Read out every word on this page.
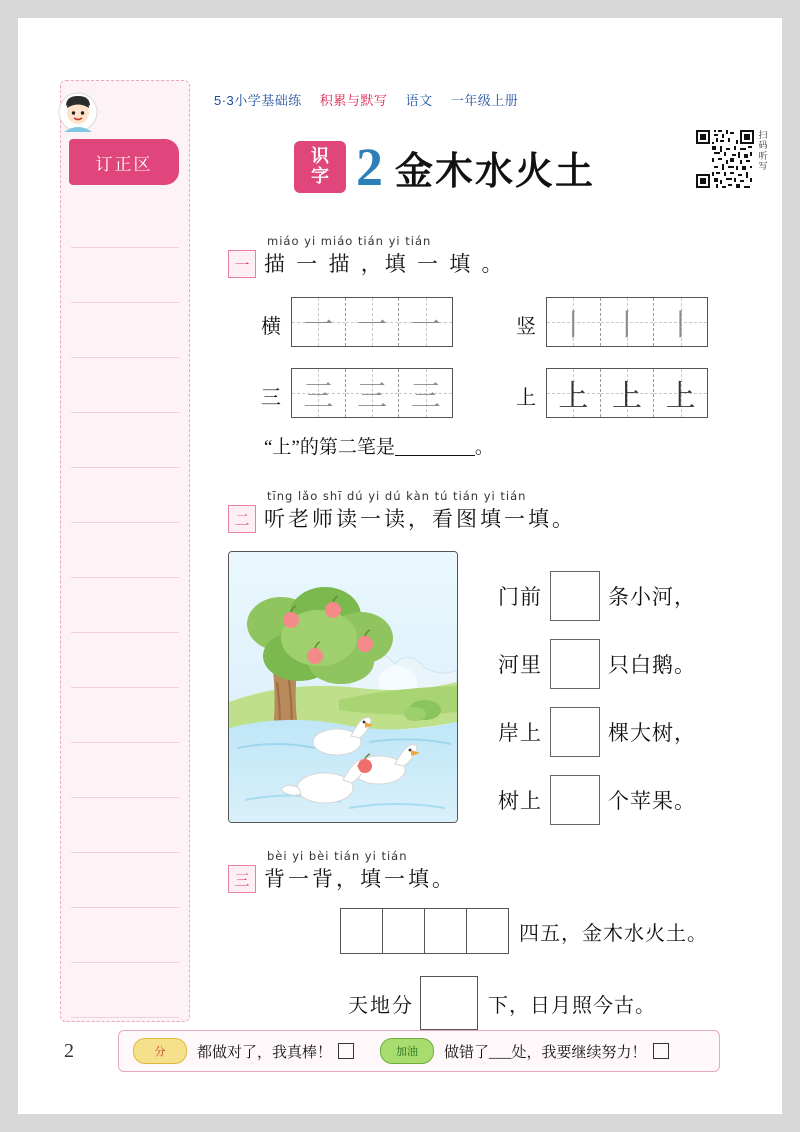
订正区
5·3小学基础练 积累与默写 语文 一年级上册
识
字 2 金木水火土
扫码听写
一
miáo yi miáo tián yi tián
描 一 描 ，填 一 填 。
横 一 一 一	竖 丨 丨 丨
三 三 三 三	上 上 上 上
“上”的第二笔是	。
二
tīng lǎo shī dú yi dú kàn tú tián yi tián
听老师读一读，看图填一填。
门前	条小河，
河里	只白鹅。
岸上	棵大树，
树上	个苹果。
三
bèi yi bèi tián yi tián
背一背，填一填。
四五，金木水火土。
天地分	下，日月照今古。
2	分	都做对了，我真棒！	加油	做错了___处，我要继续努力！
